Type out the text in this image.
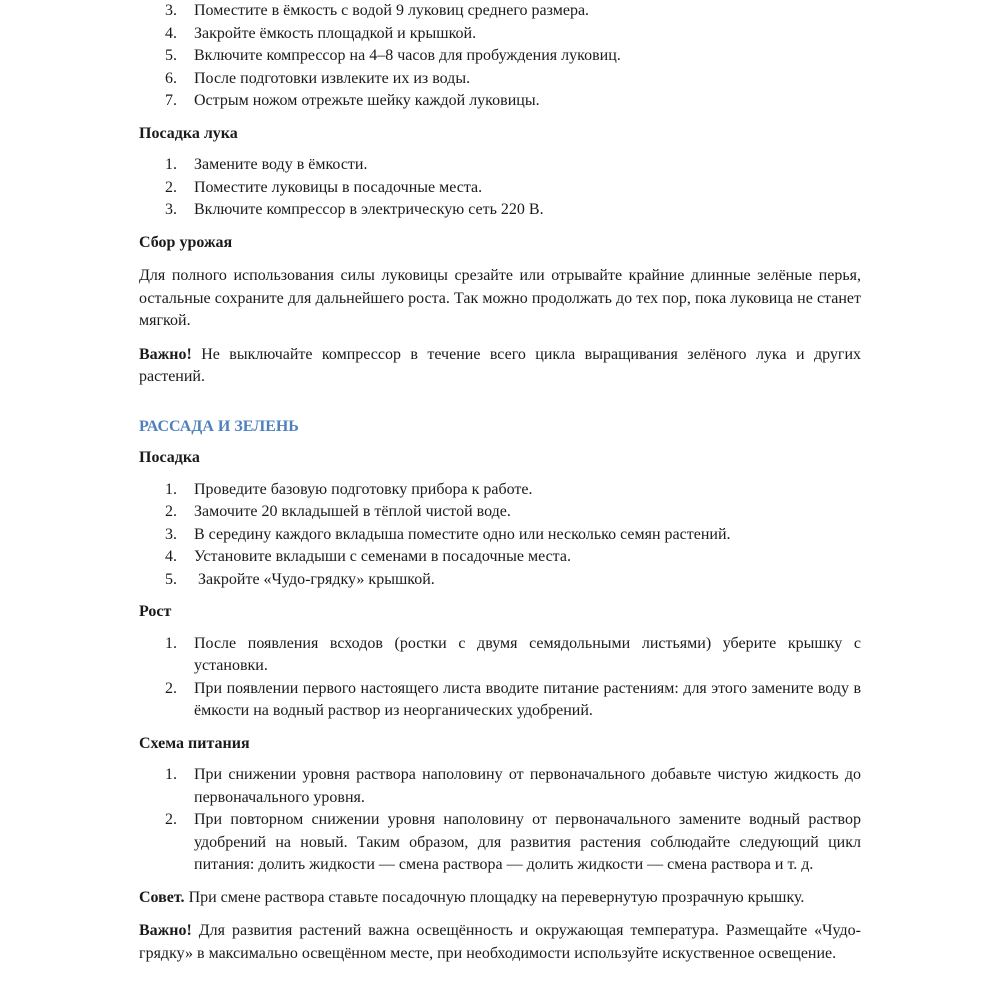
3. Поместите в ёмкость с водой 9 луковиц среднего размера.
4. Закройте ёмкость площадкой и крышкой.
5. Включите компрессор на 4–8 часов для пробуждения луковиц.
6. После подготовки извлеките их из воды.
7. Острым ножом отрежьте шейку каждой луковицы.

Посадка лука

1. Замените воду в ёмкости.
2. Поместите луковицы в посадочные места.
3. Включите компрессор в электрическую сеть 220 В.

Сбор урожая

Для полного использования силы луковицы срезайте или отрывайте крайние длинные зелёные перья, остальные сохраните для дальнейшего роста. Так можно продолжать до тех пор, пока луковица не станет мягкой.

Важно! Не выключайте компрессор в течение всего цикла выращивания зелёного лука и других растений.

РАССАДА И ЗЕЛЕНЬ

Посадка

1. Проведите базовую подготовку прибора к работе.
2. Замочите 20 вкладышей в тёплой чистой воде.
3. В середину каждого вкладыша поместите одно или несколько семян растений.
4. Установите вкладыши с семенами в посадочные места.
5. Закройте «Чудо-грядку» крышкой.

Рост

1. После появления всходов (ростки с двумя семядольными листьями) уберите крышку с установки.
2. При появлении первого настоящего листа вводите питание растениям: для этого замените воду в ёмкости на водный раствор из неорганических удобрений.

Схема питания

1. При снижении уровня раствора наполовину от первоначального добавьте чистую жидкость до первоначального уровня.
2. При повторном снижении уровня наполовину от первоначального замените водный раствор удобрений на новый. Таким образом, для развития растения соблюдайте следующий цикл питания: долить жидкости — смена раствора — долить жидкости — смена раствора и т. д.

Совет. При смене раствора ставьте посадочную площадку на перевернутую прозрачную крышку.

Важно! Для развития растений важна освещённость и окружающая температура. Размещайте «Чудо-грядку» в максимально освещённом месте, при необходимости используйте искуственное освещение.
